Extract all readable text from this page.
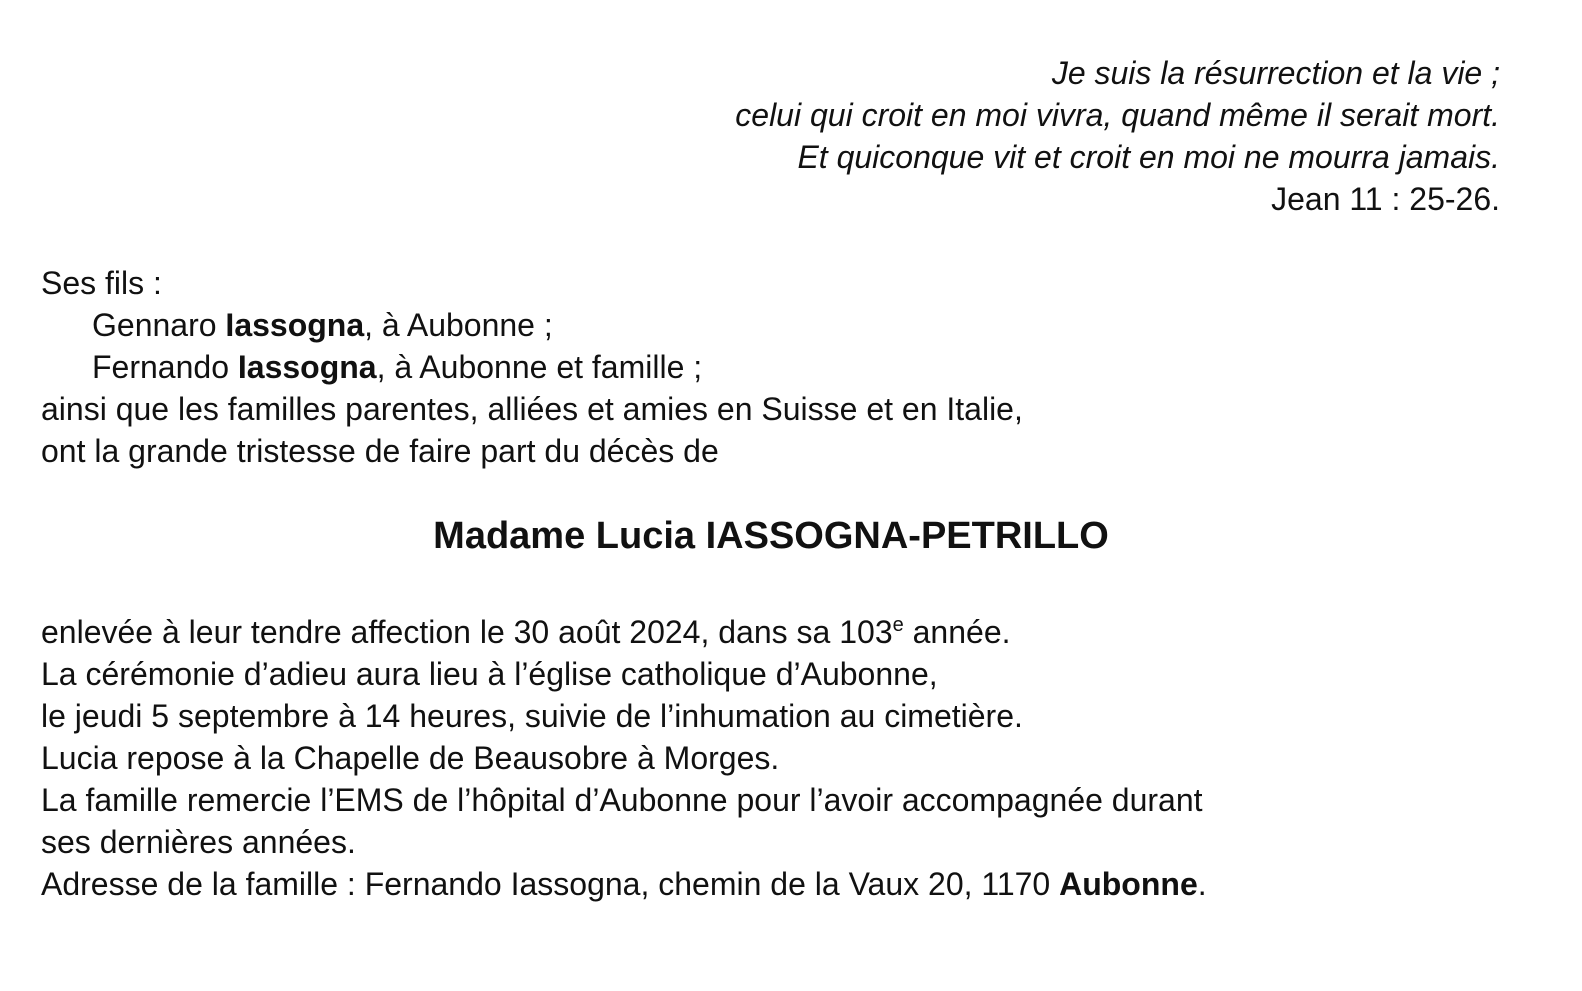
Je suis la résurrection et la vie ;
celui qui croit en moi vivra, quand même il serait mort.
Et quiconque vit et croit en moi ne mourra jamais.
Jean 11 : 25-26.
Ses fils :
Gennaro Iassogna, à Aubonne ;
Fernando Iassogna, à Aubonne et famille ;
ainsi que les familles parentes, alliées et amies en Suisse et en Italie,
ont la grande tristesse de faire part du décès de
Madame Lucia IASSOGNA-PETRILLO
enlevée à leur tendre affection le 30 août 2024, dans sa 103e année.
La cérémonie d’adieu aura lieu à l’église catholique d’Aubonne,
le jeudi 5 septembre à 14 heures, suivie de l’inhumation au cimetière.
Lucia repose à la Chapelle de Beausobre à Morges.
La famille remercie l’EMS de l’hôpital d’Aubonne pour l’avoir accompagnée durant
ses dernières années.
Adresse de la famille : Fernando Iassogna, chemin de la Vaux 20, 1170 Aubonne.
